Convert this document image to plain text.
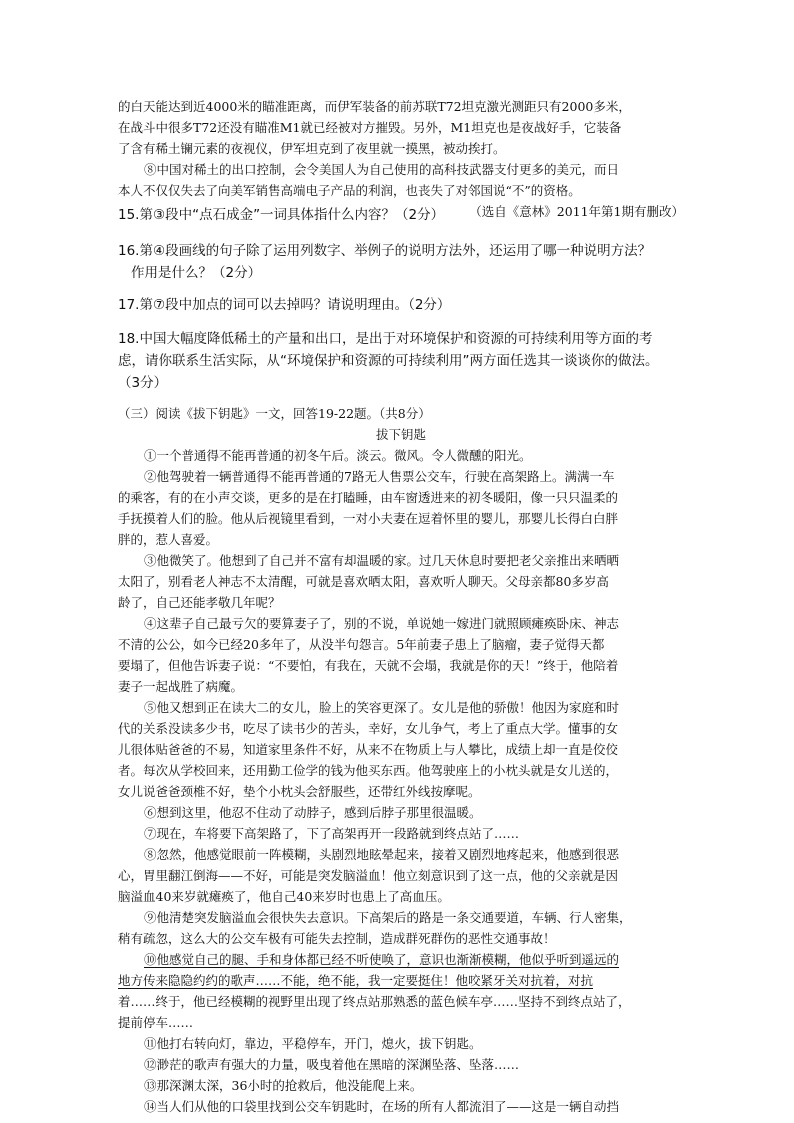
的白天能达到近4000米的瞄准距离，而伊军装备的前苏联T72坦克激光测距只有2000多米，
在战斗中很多T72还没有瞄准M1就已经被对方摧毁。另外，M1坦克也是夜战好手，它装备
了含有稀土镧元素的夜视仪，伊军坦克到了夜里就一摸黑，被动挨打。
⑧中国对稀土的出口控制，会令美国人为自己使用的高科技武器支付更多的美元，而日
本人不仅仅失去了向美军销售高端电子产品的利润，也丧失了对邻国说“不”的资格。
（选自《意林》2011年第1期有删改）
15.第③段中“点石成金”一词具体指什么内容？（2分）
16.第④段画线的句子除了运用列数字、举例子的说明方法外，还运用了哪一种说明方法？
作用是什么？（2分）
17.第⑦段中加点的词可以去掉吗？请说明理由。（2分）
18.中国大幅度降低稀土的产量和出口，是出于对环境保护和资源的可持续利用等方面的考
虑，请你联系生活实际，从“环境保护和资源的可持续利用”两方面任选其一谈谈你的做法。
（3分）
（三）阅读《拔下钥匙》一文，回答19-22题。（共8分）
拔下钥匙
①一个普通得不能再普通的初冬午后。淡云。微风。令人微醺的阳光。
②他驾驶着一辆普通得不能再普通的7路无人售票公交车，行驶在高架路上。满满一车
的乘客，有的在小声交谈，更多的是在打瞌睡，由车窗透进来的初冬暖阳，像一只只温柔的
手抚摸着人们的脸。他从后视镜里看到，一对小夫妻在逗着怀里的婴儿，那婴儿长得白白胖
胖的，惹人喜爱。
③他微笑了。他想到了自己并不富有却温暖的家。过几天休息时要把老父亲推出来晒晒
太阳了，别看老人神志不太清醒，可就是喜欢晒太阳，喜欢听人聊天。父母亲都80多岁高
龄了，自己还能孝敬几年呢？
④这辈子自己最亏欠的要算妻子了，别的不说，单说她一嫁进门就照顾瘫痪卧床、神志
不清的公公，如今已经20多年了，从没半句怨言。5年前妻子患上了脑瘤，妻子觉得天都
要塌了，但他告诉妻子说：“不要怕，有我在，天就不会塌，我就是你的天！”终于，他陪着
妻子一起战胜了病魔。
⑤他又想到正在读大二的女儿，脸上的笑容更深了。女儿是他的骄傲！他因为家庭和时
代的关系没读多少书，吃尽了读书少的苦头，幸好，女儿争气，考上了重点大学。懂事的女
儿很体贴爸爸的不易，知道家里条件不好，从来不在物质上与人攀比，成绩上却一直是佼佼
者。每次从学校回来，还用勤工俭学的钱为他买东西。他驾驶座上的小枕头就是女儿送的，
女儿说爸爸颈椎不好，垫个小枕头会舒服些，还带红外线按摩呢。
⑥想到这里，他忍不住动了动脖子，感到后脖子那里很温暖。
⑦现在，车将要下高架路了，下了高架再开一段路就到终点站了……
⑧忽然，他感觉眼前一阵模糊，头剧烈地眩晕起来，接着又剧烈地疼起来，他感到很恶
心，胃里翻江倒海——不好，可能是突发脑溢血！他立刻意识到了这一点，他的父亲就是因
脑溢血40来岁就瘫痪了，他自己40来岁时也患上了高血压。
⑨他清楚突发脑溢血会很快失去意识。下高架后的路是一条交通要道，车辆、行人密集，
稍有疏忽，这么大的公交车极有可能失去控制，造成群死群伤的恶性交通事故！
⑩他感觉自己的腿、手和身体都已经不听使唤了，意识也渐渐模糊，他似乎听到遥远的
地方传来隐隐约约的歌声……不能，绝不能，我一定要挺住！他咬紧牙关对抗着，对抗
着……终于，他已经模糊的视野里出现了终点站那熟悉的蓝色候车亭……坚持不到终点站了，
提前停车……
⑪他打右转向灯，靠边，平稳停车，开门，熄火，拔下钥匙。
⑫渺茫的歌声有强大的力量，吸曳着他在黑暗的深渊坠落、坠落……
⑬那深渊太深，36小时的抢救后，他没能爬上来。
⑭当人们从他的口袋里找到公交车钥匙时，在场的所有人都流泪了——这是一辆自动挡
